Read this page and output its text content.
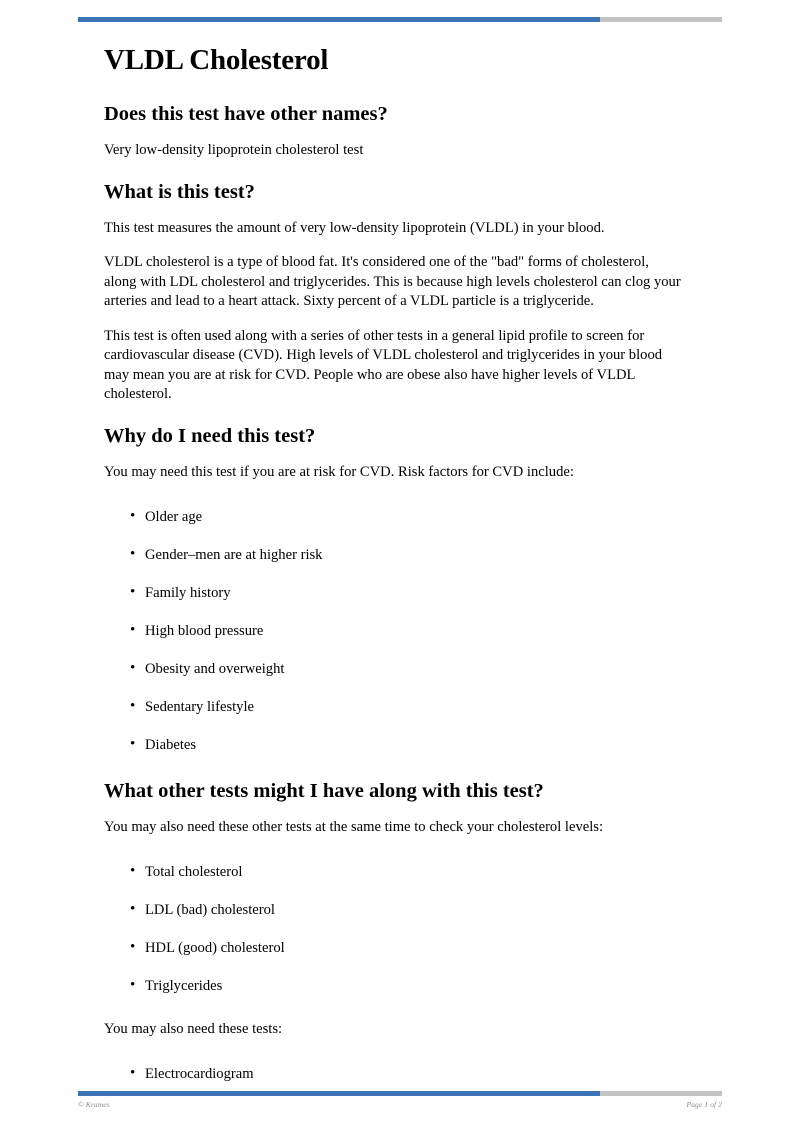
VLDL Cholesterol
Does this test have other names?

Very low-density lipoprotein cholesterol test

What is this test?

This test measures the amount of very low-density lipoprotein (VLDL) in your blood.

VLDL cholesterol is a type of blood fat. It's considered one of the "bad" forms of cholesterol, along with LDL cholesterol and triglycerides. This is because high levels cholesterol can clog your arteries and lead to a heart attack. Sixty percent of a VLDL particle is a triglyceride.

This test is often used along with a series of other tests in a general lipid profile to screen for cardiovascular disease (CVD). High levels of VLDL cholesterol and triglycerides in your blood may mean you are at risk for CVD. People who are obese also have higher levels of VLDL cholesterol.

Why do I need this test?

You may need this test if you are at risk for CVD. Risk factors for CVD include:

• Older age
• Gender–men are at higher risk
• Family history
• High blood pressure
• Obesity and overweight
• Sedentary lifestyle
• Diabetes
What other tests might I have along with this test?

You may also need these other tests at the same time to check your cholesterol levels:

• Total cholesterol
• LDL (bad) cholesterol
• HDL (good) cholesterol
• Triglycerides

You may also need these tests:

• Electrocardiogram
© Krames	Page 1 of 2
